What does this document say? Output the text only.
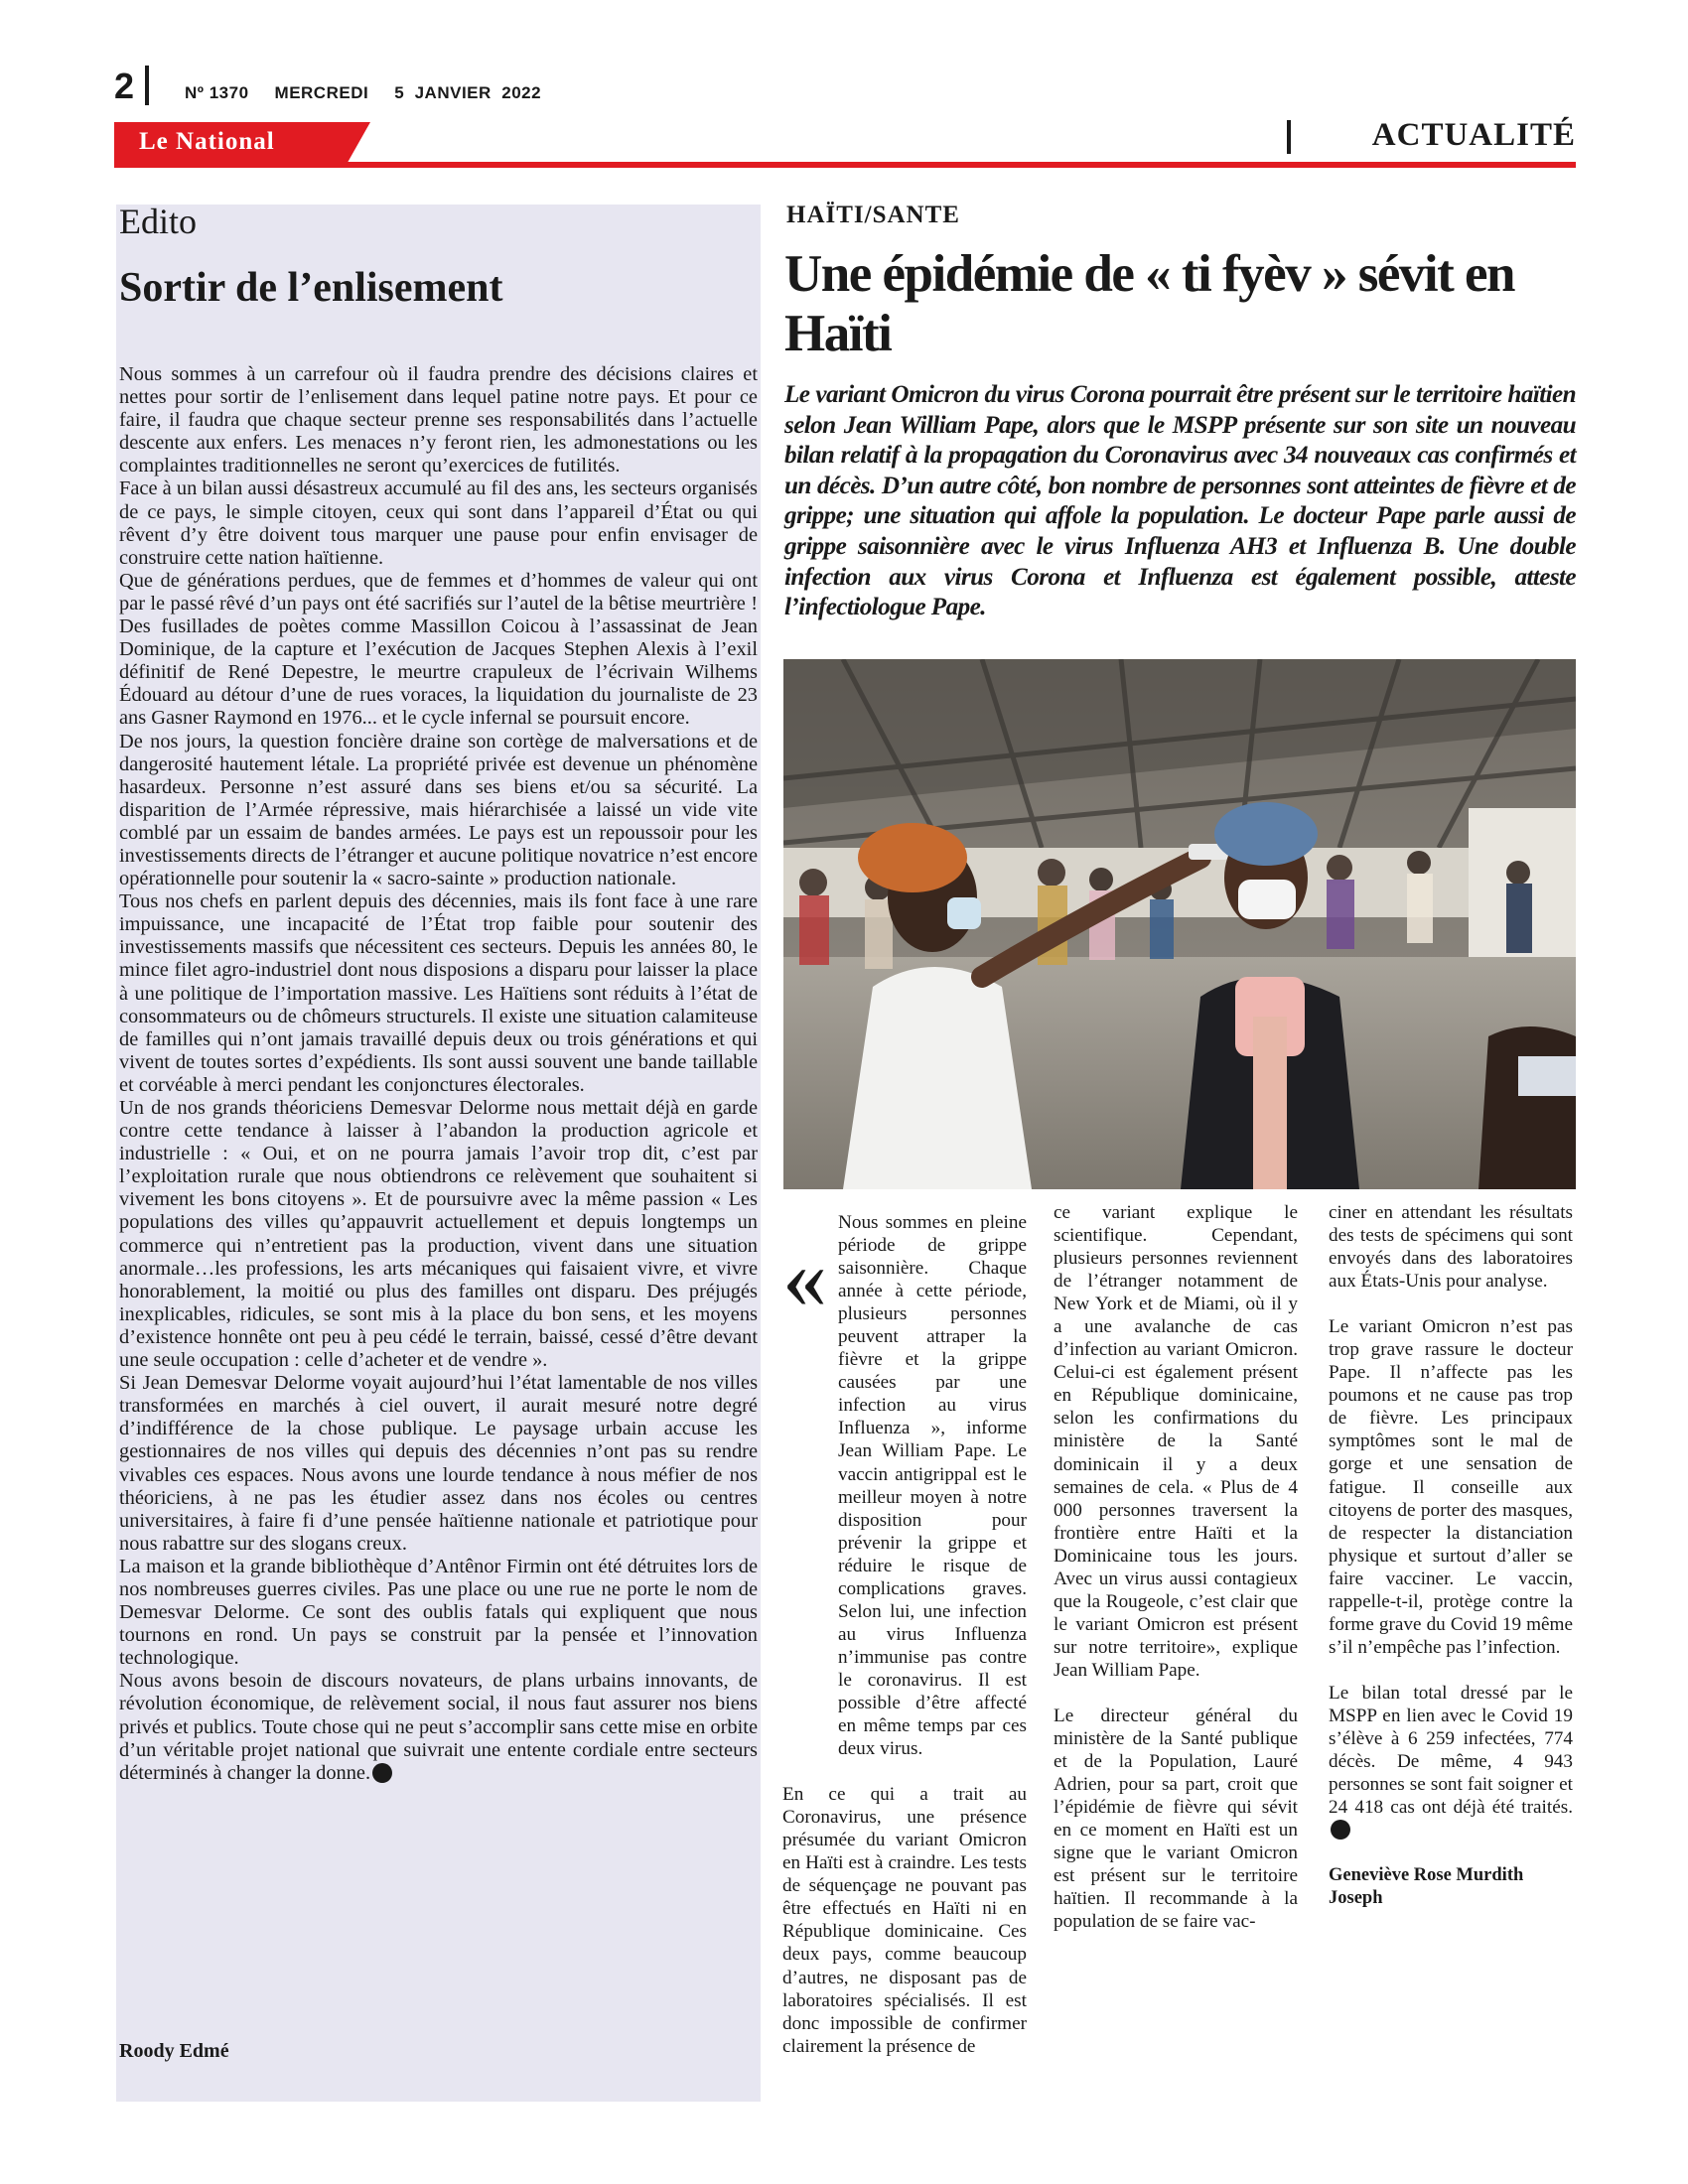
2	Nº 1370 MERCREDI 5  JANVIER  2022
Le National	ACTUALITÉ
Edito
Sortir de l’enlisement

Nous sommes à un carrefour où il faudra prendre des décisions claires et nettes pour sortir de l’enlisement dans lequel patine notre pays. Et pour ce faire, il faudra que chaque secteur prenne ses responsabilités dans l’actuelle descente aux enfers. Les menaces n’y feront rien, les admonestations ou les complaintes traditionnelles ne seront qu’exercices de futilités.

Face à un bilan aussi désastreux accumulé au fil des ans, les secteurs organisés de ce pays, le simple citoyen, ceux qui sont dans l’appareil d’État ou qui rêvent d’y être doivent tous marquer une pause pour enfin envisager de construire cette nation haïtienne.

Que de générations perdues, que de femmes et d’hommes de valeur qui ont par le passé rêvé d’un pays ont été sacrifiés sur l’autel de la bêtise meurtrière ! Des fusillades de poètes comme Massillon Coicou à l’assassinat de Jean Dominique, de la capture et l’exécution de Jacques Stephen Alexis à l’exil définitif de René Depestre, le meurtre crapuleux de l’écrivain Wilhems Édouard au détour d’une de rues voraces, la liquidation du journaliste de 23 ans Gasner Raymond en 1976... et le cycle infernal se poursuit encore.

De nos jours, la question foncière draine son cortège de malversations et de dangerosité hautement létale. La propriété privée est devenue un phénomène hasardeux. Personne n’est assuré dans ses biens et/ou sa sécurité. La disparition de l’Armée répressive, mais hiérarchisée a laissé un vide vite comblé par un essaim de bandes armées. Le pays est un repoussoir pour les investissements directs de l’étranger et aucune politique novatrice n’est encore opérationnelle pour soutenir la « sacro-sainte » production nationale.

Tous nos chefs en parlent depuis des décennies, mais ils font face à une rare impuissance, une incapacité de l’État trop faible pour soutenir des investissements massifs que nécessitent ces secteurs. Depuis les années 80, le mince filet agro-industriel dont nous disposions a disparu pour laisser la place à une politique de l’importation massive. Les Haïtiens sont réduits à l’état de consommateurs ou de chômeurs structurels. Il existe une situation calamiteuse de familles qui n’ont jamais travaillé depuis deux ou trois générations et qui vivent de toutes sortes d’expédients. Ils sont aussi souvent une bande taillable et corvéable à merci pendant les conjonctures électorales.

Un de nos grands théoriciens Demesvar Delorme nous mettait déjà en garde contre cette tendance à laisser à l’abandon la production agricole et industrielle : « Oui, et on ne pourra jamais l’avoir trop dit, c’est par l’exploitation rurale que nous obtiendrons ce relèvement que souhaitent si vivement les bons citoyens ». Et de poursuivre avec la même passion « Les populations des villes qu’appauvrit actuellement et depuis longtemps un commerce qui n’entretient pas la production, vivent dans une situation anormale…les professions, les arts mécaniques qui faisaient vivre, et vivre honorablement, la moitié ou plus des familles ont disparu. Des préjugés inexplicables, ridicules, se sont mis à la place du bon sens, et les moyens d’existence honnête ont peu à peu cédé le terrain, baissé, cessé d’être devant une seule occupation : celle d’acheter et de vendre ».

Si Jean Demesvar Delorme voyait aujourd’hui l’état lamentable de nos villes transformées en marchés à ciel ouvert, il aurait mesuré notre degré d’indifférence de la chose publique. Le paysage urbain accuse les gestionnaires de nos villes qui depuis des décennies n’ont pas su rendre vivables ces espaces. Nous avons une lourde tendance à nous méfier de nos théoriciens, à ne pas les étudier assez dans nos écoles ou centres universitaires, à faire fi d’une pensée haïtienne nationale et patriotique pour nous rabattre sur des slogans creux.

La maison et la grande bibliothèque d’Antênor Firmin ont été détruites lors de nos nombreuses guerres civiles. Pas une place ou une rue ne porte le nom de Demesvar Delorme. Ce sont des oublis fatals qui expliquent que nous tournons en rond. Un pays se construit par la pensée et l’innovation technologique.

Nous avons besoin de discours novateurs, de plans urbains innovants, de révolution économique, de relèvement social, il nous faut assurer nos biens privés et publics. Toute chose qui ne peut s’accomplir sans cette mise en orbite d’un véritable projet national que suivrait une entente cordiale entre secteurs déterminés à changer la donne.

Roody Edmé
HAÏTI/SANTE
Une épidémie de « ti fyèv » sévit en Haïti
Le variant Omicron du virus Corona pourrait être présent sur le territoire haïtien selon Jean William Pape, alors que le MSPP présente sur son site un nouveau bilan relatif à la propagation du Coronavirus avec 34 nouveaux cas confirmés et un décès. D’un autre côté, bon nombre de personnes sont atteintes de fièvre et de grippe; une situation qui affole la population. Le docteur Pape parle aussi de grippe saisonnière avec le virus Influenza AH3 et Influenza B. Une double infection aux virus Corona et Influenza est également possible, atteste l’infectiologue Pape.
«

Nous sommes en pleine période de grippe saisonnière. Chaque année à cette période, plusieurs personnes peuvent attraper la fièvre et la grippe causées par une infection au virus Influenza », informe Jean William Pape. Le vaccin antigrippal est le meilleur moyen à notre disposition pour prévenir la grippe et réduire le risque de complications graves. Selon lui, une infection au virus Influenza n’immunise pas contre le coronavirus. Il est possible d’être affecté en même temps par ces deux virus.

En ce qui a trait au Coronavirus, une présence présumée du variant Omicron en Haïti est à craindre. Les tests de séquençage ne pouvant pas être effectués en Haïti ni en République dominicaine. Ces deux pays, comme beaucoup d’autres, ne disposant pas de laboratoires spécialisés. Il est donc impossible de confirmer clairement la présence de

ce variant explique le scientifique. Cependant, plusieurs personnes reviennent de l’étranger notamment de New York et de Miami, où il y a une avalanche de cas d’infection au variant Omicron. Celui-ci est également présent en République dominicaine, selon les confirmations du ministère de la Santé dominicain il y a deux semaines de cela. « Plus de 4 000 personnes traversent la frontière entre Haïti et la Dominicaine tous les jours. Avec un virus aussi contagieux que la Rougeole, c’est clair que le variant Omicron est présent sur notre territoire», explique Jean William Pape.

Le directeur général du ministère de la Santé publique et de la Population, Lauré Adrien, pour sa part, croit que l’épidémie de fièvre qui sévit en ce moment en Haïti est un signe que le variant Omicron est présent sur le territoire haïtien. Il recommande à la population de se faire vac-

ciner en attendant les résultats des tests de spécimens qui sont envoyés dans des laboratoires aux États-Unis pour analyse.

Le variant Omicron n’est pas trop grave rassure le docteur Pape. Il n’affecte pas les poumons et ne cause pas trop de fièvre. Les principaux symptômes sont le mal de gorge et une sensation de fatigue. Il conseille aux citoyens de porter des masques, de respecter la distanciation physique et surtout d’aller se faire vacciner. Le vaccin, rappelle-t-il, protège contre la forme grave du Covid 19 même s’il n’empêche pas l’infection.

Le bilan total dressé par le MSPP en lien avec le Covid 19 s’élève à 6 259 infectées, 774 décès. De même, 4 943 personnes se sont fait soigner et 24 418 cas ont déjà été traités.

Geneviève Rose Murdith Joseph
